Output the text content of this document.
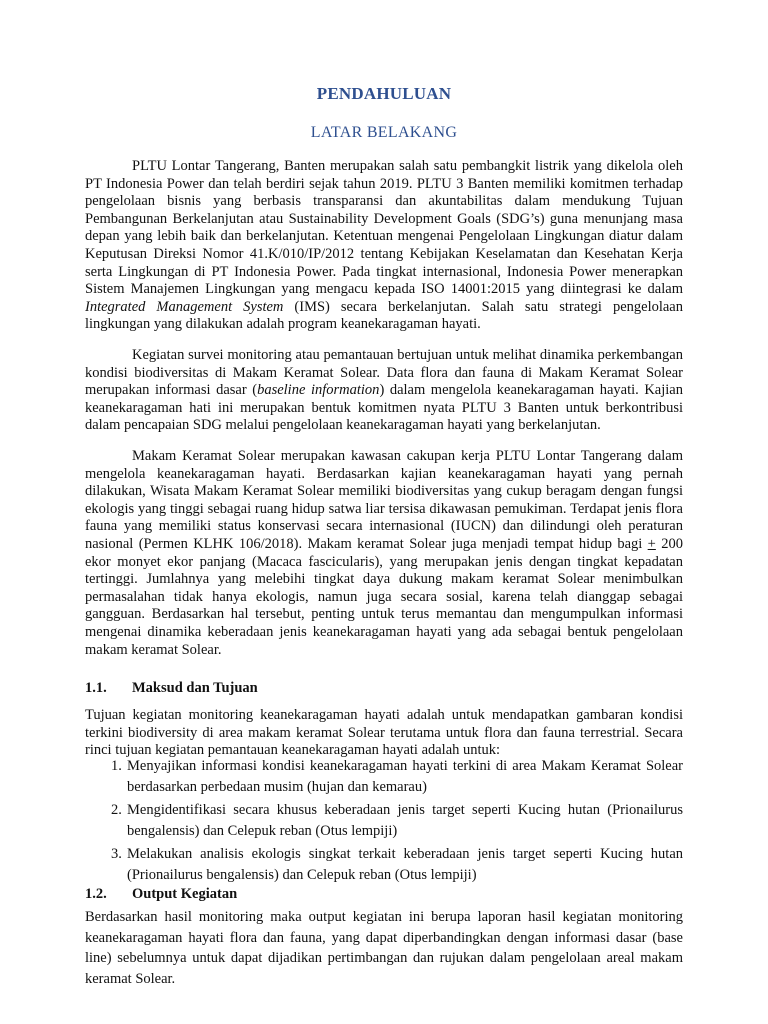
PENDAHULUAN
LATAR BELAKANG

PLTU Lontar Tangerang, Banten merupakan salah satu pembangkit listrik yang dikelola oleh PT Indonesia Power dan telah berdiri sejak tahun 2019. PLTU 3 Banten memiliki komitmen terhadap pengelolaan bisnis yang berbasis transparansi dan akuntabilitas dalam mendukung Tujuan Pembangunan Berkelanjutan atau Sustainability Development Goals (SDG’s) guna menunjang masa depan yang lebih baik dan berkelanjutan. Ketentuan mengenai Pengelolaan Lingkungan diatur dalam Keputusan Direksi Nomor 41.K/010/IP/2012 tentang Kebijakan Keselamatan dan Kesehatan Kerja serta Lingkungan di PT Indonesia Power. Pada tingkat internasional, Indonesia Power menerapkan Sistem Manajemen Lingkungan yang mengacu kepada ISO 14001:2015 yang diintegrasi ke dalam Integrated Management System (IMS) secara berkelanjutan. Salah satu strategi pengelolaan lingkungan yang dilakukan adalah program keanekaragaman hayati.

Kegiatan survei monitoring atau pemantauan bertujuan untuk melihat dinamika perkembangan kondisi biodiversitas di Makam Keramat Solear. Data flora dan fauna di Makam Keramat Solear merupakan informasi dasar (baseline information) dalam mengelola keanekaragaman hayati. Kajian keanekaragaman hati ini merupakan bentuk komitmen nyata PLTU 3 Banten untuk berkontribusi dalam pencapaian SDG melalui pengelolaan keanekaragaman hayati yang berkelanjutan.

Makam Keramat Solear merupakan kawasan cakupan kerja PLTU Lontar Tangerang dalam mengelola keanekaragaman hayati. Berdasarkan kajian keanekaragaman hayati yang pernah dilakukan, Wisata Makam Keramat Solear memiliki biodiversitas yang cukup beragam dengan fungsi ekologis yang tinggi sebagai ruang hidup satwa liar tersisa dikawasan pemukiman. Terdapat jenis flora fauna yang memiliki status konservasi secara internasional (IUCN) dan dilindungi oleh peraturan nasional (Permen KLHK 106/2018). Makam keramat Solear juga menjadi tempat hidup bagi + 200 ekor monyet ekor panjang (Macaca fascicularis), yang merupakan jenis dengan tingkat kepadatan tertinggi. Jumlahnya yang melebihi tingkat daya dukung makam keramat Solear menimbulkan permasalahan tidak hanya ekologis, namun juga secara sosial, karena telah dianggap sebagai gangguan. Berdasarkan hal tersebut, penting untuk terus memantau dan mengumpulkan informasi mengenai dinamika keberadaan jenis keanekaragaman hayati yang ada sebagai bentuk pengelolaan makam keramat Solear.

1.1. Maksud dan Tujuan
Tujuan kegiatan monitoring keanekaragaman hayati adalah untuk mendapatkan gambaran kondisi terkini biodiversity di area makam keramat Solear terutama untuk flora dan fauna terrestrial. Secara rinci tujuan kegiatan pemantauan keanekaragaman hayati adalah untuk:
1. Menyajikan informasi kondisi keanekaragaman hayati terkini di area Makam Keramat Solear berdasarkan perbedaan musim (hujan dan kemarau)
2. Mengidentifikasi secara khusus keberadaan jenis target seperti Kucing hutan (Prionailurus bengalensis) dan Celepuk reban (Otus lempiji)
3. Melakukan analisis ekologis singkat terkait keberadaan jenis target seperti Kucing hutan (Prionailurus bengalensis) dan Celepuk reban (Otus lempiji)
1.2. Output Kegiatan
Berdasarkan hasil monitoring maka output kegiatan ini berupa laporan hasil kegiatan monitoring keanekaragaman hayati flora dan fauna, yang dapat diperbandingkan dengan informasi dasar (base line) sebelumnya untuk dapat dijadikan pertimbangan dan rujukan dalam pengelolaan areal makam keramat Solear.
